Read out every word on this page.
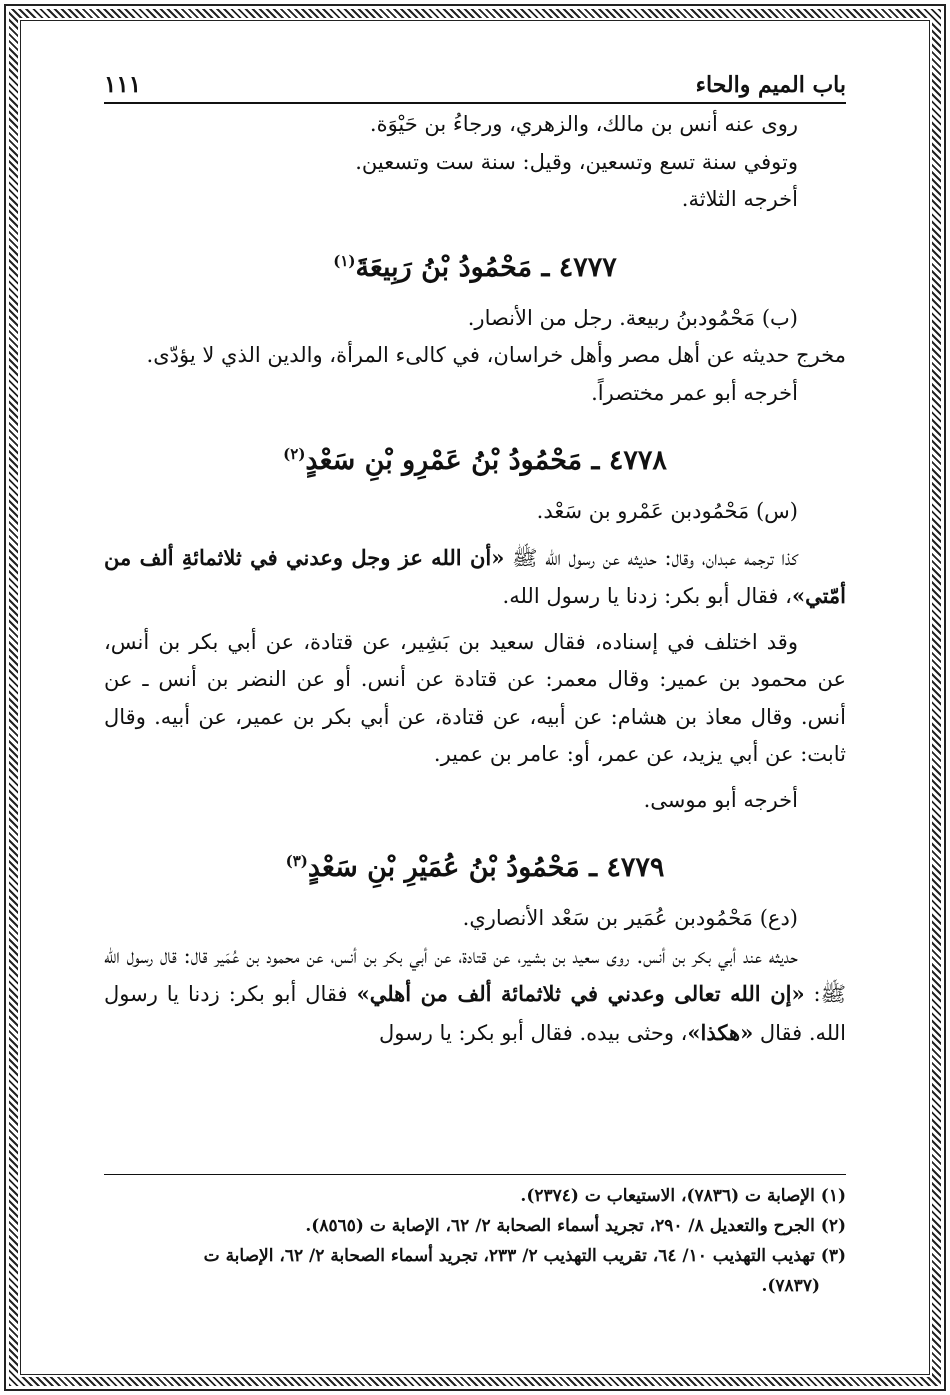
باب الميم والحاء
١١١

روى عنه أنس بن مالك، والزهري، ورجاءُ بن حَيْوَة.

وتوفي سنة تسع وتسعين، وقيل: سنة ست وتسعين.

أخرجه الثلاثة.

٤٧٧٧ ـ مَحْمُودُ بْنُ رَبِيعَةَ$^{(١)}$

(ب) مَحْمُودبنُ ربيعة. رجل من الأنصار.

مخرج حديثه عن أهل مصر وأهل خراسان، في كالىء المرأة، والدين الذي لا يؤدّى.

أخرجه أبو عمر مختصراً.

٤٧٧٨ ـ مَحْمُودُ بْنُ عَمْرِو بْنِ سَعْدٍ$^{(٢)}$

(س) مَحْمُودبن عَمْرو بن سَعْد.

كذا ترجمه عبدان، وقال: حديثه عن رسول الله ﷺ «أن الله عز وجل وعدني في ثلاثمائةِ ألف من أمّتي»، فقال أبو بكر: زدنا يا رسول الله.

وقد اختلف في إسناده، فقال سعيد بن بَشِير، عن قتادة، عن أبي بكر بن أنس، عن محمود بن عمير: وقال معمر: عن قتادة عن أنس. أو عن النضر بن أنس ـ عن أنس. وقال معاذ بن هشام: عن أبيه، عن قتادة، عن أبي بكر بن عمير، عن أبيه. وقال ثابت: عن أبي يزيد، عن عمر، أو: عامر بن عمير.

أخرجه أبو موسى.

٤٧٧٩ ـ مَحْمُودُ بْنُ عُمَيْرِ بْنِ سَعْدٍ$^{(٣)}$

(دع) مَحْمُودبن عُمَير بن سَعْد الأنصاري.

حديثه عند أبي بكر بن أنس. روى سعيد بن بشير، عن قتادة، عن أبي بكر بن أنس، عن محمود بن عُمَير قال: قال رسول الله ﷺ: «إن الله تعالى وعدني في ثلاثمائة ألف من أهلي» فقال أبو بكر: زدنا يا رسول الله. فقال «هكذا»، وحثى بيده. فقال أبو بكر: يا رسول

(١) الإصابة ت (٧٨٣٦)، الاستيعاب ت (٢٣٧٤).

(٢) الجرح والتعديل ٨/ ٢٩٠، تجريد أسماء الصحابة ٢/ ٦٢، الإصابة ت (٨٥٦٥).

(٣) تهذيب التهذيب ١٠/ ٦٤، تقريب التهذيب ٢/ ٢٣٣، تجريد أسماء الصحابة ٢/ ٦٢، الإصابة ت

(٧٨٣٧).
